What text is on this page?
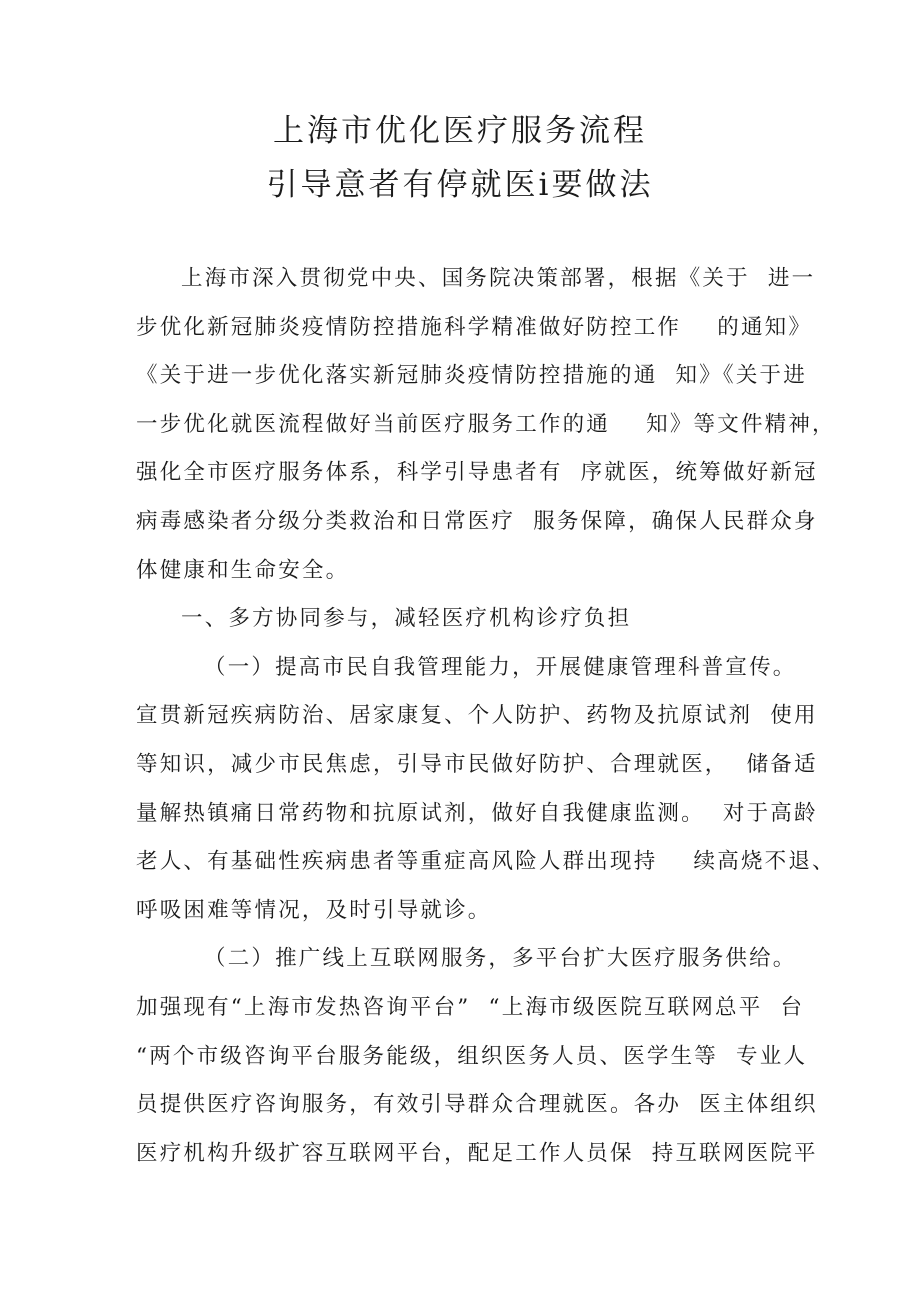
上海市优化医疗服务流程
引导意者有停就医i要做法
上海市深入贯彻党中央、国务院决策部署，根据《关于  进一
步优化新冠肺炎疫情防控措施科学精准做好防控工作    的通知》
《关于进一步优化落实新冠肺炎疫情防控措施的通  知》《关于进
一步优化就医流程做好当前医疗服务工作的通    知》等文件精神，
强化全市医疗服务体系，科学引导患者有  序就医，统筹做好新冠
病毒感染者分级分类救治和日常医疗  服务保障，确保人民群众身
体健康和生命安全。
一、多方协同参与，减轻医疗机构诊疗负担
（一）提高市民自我管理能力，开展健康管理科普宣传。
宣贯新冠疾病防治、居家康复、个人防护、药物及抗原试剂  使用
等知识，减少市民焦虑，引导市民做好防护、合理就医，  储备适
量解热镇痛日常药物和抗原试剂，做好自我健康监测。  对于高龄
老人、有基础性疾病患者等重症高风险人群出现持    续高烧不退、
呼吸困难等情况，及时引导就诊。
（二）推广线上互联网服务，多平台扩大医疗服务供给。
加强现有“上海市发热咨询平台”  “上海市级医院互联网总平  台
“两个市级咨询平台服务能级，组织医务人员、医学生等  专业人
员提供医疗咨询服务，有效引导群众合理就医。各办  医主体组织
医疗机构升级扩容互联网平台，配足工作人员保  持互联网医院平
